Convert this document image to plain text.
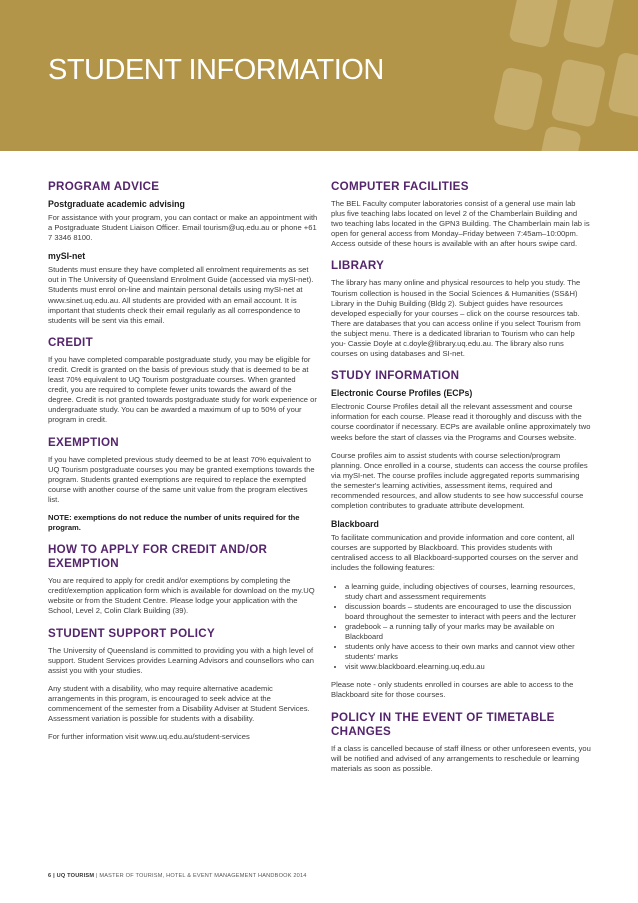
STUDENT INFORMATION
PROGRAM ADVICE
Postgraduate academic advising

For assistance with your program, you can contact or make an appointment with a Postgraduate Student Liaison Officer. Email tourism@uq.edu.au or phone +61 7 3346 8100.

mySI-net

Students must ensure they have completed all enrolment requirements as set out in The University of Queensland Enrolment Guide (accessed via mySI-net). Students must enrol on-line and maintain personal details using mySI-net at www.sinet.uq.edu.au. All students are provided with an email account. It is important that students check their email regularly as all correspondence to students will be sent via this email.

CREDIT

If you have completed comparable postgraduate study, you may be eligible for credit. Credit is granted on the basis of previous study that is deemed to be at least 70% equivalent to UQ Tourism postgraduate courses. When granted credit, you are required to complete fewer units towards the award of the degree. Credit is not granted towards postgraduate study for work experience or undergraduate study. You can be awarded a maximum of up to 50% of your program in credit.

EXEMPTION

If you have completed previous study deemed to be at least 70% equivalent to UQ Tourism postgraduate courses you may be granted exemptions towards the program. Students granted exemptions are required to replace the exempted course with another course of the same unit value from the program electives list.

NOTE: exemptions do not reduce the number of units required for the program.

HOW TO APPLY FOR CREDIT AND/OR EXEMPTION

You are required to apply for credit and/or exemptions by completing the credit/exemption application form which is available for download on the my.UQ website or from the Student Centre. Please lodge your application with the School, Level 2, Colin Clark Building (39).

STUDENT SUPPORT POLICY

The University of Queensland is committed to providing you with a high level of support. Student Services provides Learning Advisors and counsellors who can assist you with your studies.

Any student with a disability, who may require alternative academic arrangements in this program, is encouraged to seek advice at the commencement of the semester from a Disability Adviser at Student Services. Assessment variation is possible for students with a disability.

For further information visit www.uq.edu.au/student-services

COMPUTER FACILITIES

The BEL Faculty computer laboratories consist of a general use main lab plus five teaching labs located on level 2 of the Chamberlain Building and two teaching labs located in the GPN3 Building. The Chamberlain main lab is open for general access from Monday–Friday between 7:45am–10:00pm. Access outside of these hours is available with an after hours swipe card.

LIBRARY

The library has many online and physical resources to help you study. The Tourism collection is housed in the Social Sciences & Humanities (SS&H) Library in the Duhig Building (Bldg 2). Subject guides have resources developed especially for your courses – click on the course resources tab. There are databases that you can access online if you select Tourism from the subject menu. There is a dedicated librarian to Tourism who can help you- Cassie Doyle at c.doyle@library.uq.edu.au. The library also runs courses on using databases and SI-net.

STUDY INFORMATION
Electronic Course Profiles (ECPs)

Electronic Course Profiles detail all the relevant assessment and course information for each course. Please read it thoroughly and discuss with the course coordinator if necessary. ECPs are available online approximately two weeks before the start of classes via the Programs and Courses website.

Course profiles aim to assist students with course selection/program planning. Once enrolled in a course, students can access the course profiles via mySI-net. The course profiles include aggregated reports summarising the semester's learning activities, assessment items, required and recommended resources, and allow students to see how successful course completion contributes to graduate attribute development.

Blackboard

To facilitate communication and provide information and core content, all courses are supported by Blackboard. This provides students with centralised access to all Blackboard-supported courses on the server and includes the following features:

• a learning guide, including objectives of courses, learning resources, study chart and assessment requirements
• discussion boards – students are encouraged to use the discussion board throughout the semester to interact with peers and the lecturer
• gradebook – a running tally of your marks may be available on Blackboard
• students only have access to their own marks and cannot view other students' marks
• visit www.blackboard.elearning.uq.edu.au

Please note - only students enrolled in courses are able to access to the Blackboard site for those courses.

POLICY IN THE EVENT OF TIMETABLE CHANGES

If a class is cancelled because of staff illness or other unforeseen events, you will be notified and advised of any arrangements to reschedule or learning materials as soon as possible.

6 | UQ TOURISM | MASTER OF TOURISM, HOTEL & EVENT MANAGEMENT HANDBOOK 2014
